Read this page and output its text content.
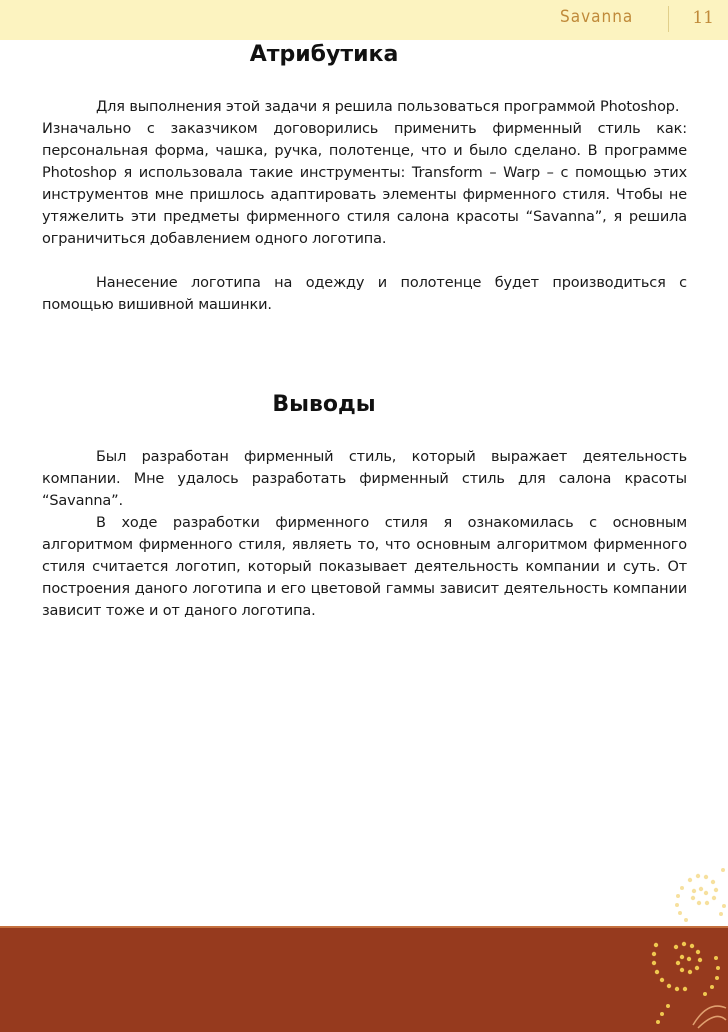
Savanna	11
Атрибутика

Для выполнения этой задачи я решила пользоваться программой Photoshop.

Изначально с заказчиком договорились применить фирменный стиль как: персональная форма, чашка, ручка, полотенце, что и было сделано. В программе Photoshop я использовала такие инструменты: Transform – Warp – с помощью этих инструментов мне пришлось адаптировать элементы фирменного стиля. Чтобы не утяжелить эти предметы фирменного стиля салона красоты “Savanna”, я решила ограничиться добавлением одного логотипа.

Нанесение логотипа на одежду и полотенце будет производиться с помощью вишивной машинки.

Выводы

Был разработан фирменный стиль, который выражает деятельность компании. Мне удалось разработать фирменный стиль для салона красоты “Savanna”.

В ходе разработки фирменного стиля я ознакомилась с основным алгоритмом фирменного стиля, являеть то, что основным алгоритмом фирменного стиля считается логотип, который показывает деятельность компании и суть. От построения даного логотипа и его цветовой гаммы зависит деятельность компании зависит тоже и от даного логотипа.
